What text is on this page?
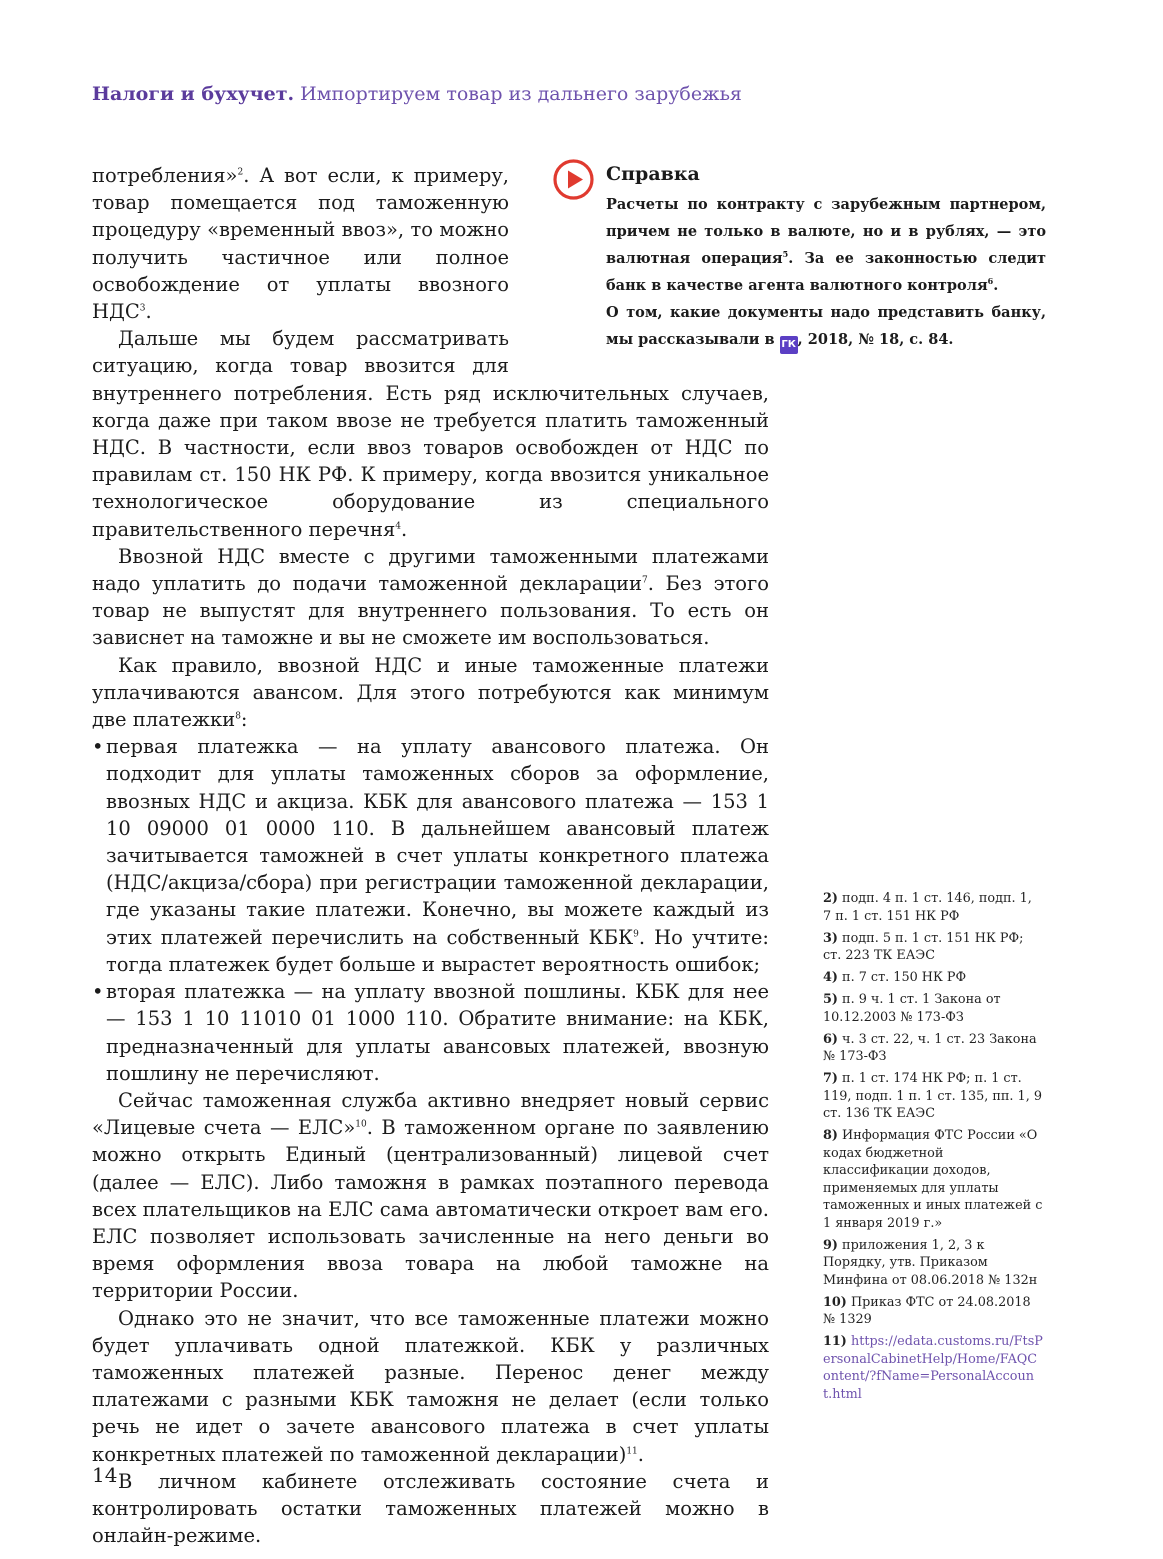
Налоги и бухучет. Импортируем товар из дальнего зарубежья

потребления»$^2$. А вот если, к примеру, товар помещается под таможенную процедуру «временный ввоз», то можно получить частичное или полное освобождение от уплаты ввозного НДС$^3$.

Дальше мы будем рассматривать ситуацию, когда товар ввозится для внутреннего потребления. Есть ряд исключительных случаев, когда даже при таком ввозе не требуется платить таможенный НДС. В частности, если ввоз товаров освобожден от НДС по правилам ст. 150 НК РФ. К примеру, когда ввозится уникальное технологическое оборудование из специального правительственного перечня$^4$.

Ввозной НДС вместе с другими таможенными платежами надо уплатить до подачи таможенной декларации$^7$. Без этого товар не выпустят для внутреннего пользования. То есть он зависнет на таможне и вы не сможете им воспользоваться.

Как правило, ввозной НДС и иные таможенные платежи уплачиваются авансом. Для этого потребуются как минимум две платежки$^8$:

• первая платежка — на уплату авансового платежа. Он подходит для уплаты таможенных сборов за оформление, ввозных НДС и акциза. КБК для авансового платежа — 153 1 10 09000 01 0000 110. В дальнейшем авансовый платеж зачитывается таможней в счет уплаты конкретного платежа (НДС/акциза/сбора) при регистрации таможенной декларации, где указаны такие платежи. Конечно, вы можете каждый из этих платежей перечислить на собственный КБК$^9$. Но учтите: тогда платежек будет больше и вырастет вероятность ошибок;
• вторая платежка — на уплату ввозной пошлины. КБК для нее — 153 1 10 11010 01 1000 110. Обратите внимание: на КБК, предназначенный для уплаты авансовых платежей, ввозную пошлину не перечисляют.

Сейчас таможенная служба активно внедряет новый сервис «Лицевые счета — ЕЛС»$^{10}$. В таможенном органе по заявлению можно открыть Единый (централизованный) лицевой счет (далее — ЕЛС). Либо таможня в рамках поэтапного перевода всех плательщиков на ЕЛС сама автоматически откроет вам его. ЕЛС позволяет использовать зачисленные на него деньги во время оформления ввоза товара на любой таможне на территории России.

Однако это не значит, что все таможенные платежи можно будет уплачивать одной платежкой. КБК у различных таможенных платежей разные. Перенос денег между платежами с разными КБК таможня не делает (если только речь не идет о зачете авансового платежа в счет уплаты конкретных платежей по таможенной декларации)$^{11}$.

В личном кабинете отслеживать состояние счета и контролировать остатки таможенных платежей можно в онлайн-режиме.

Справка

Расчеты по контракту с зарубежным партнером, причем не только в валюте, но и в рублях, — это валютная операция$^5$. За ее законностью следит банк в качестве агента валютного контроля$^6$.

О том, какие документы надо представить банку, мы рассказывали в ГК , 2018, № 18, с. 84.

2) подп. 4 п. 1 ст. 146, подп. 1, 7 п. 1 ст. 151 НК РФ
3) подп. 5 п. 1 ст. 151 НК РФ; ст. 223 ТК ЕАЭС
4) п. 7 ст. 150 НК РФ
5) п. 9 ч. 1 ст. 1 Закона от 10.12.2003 № 173-ФЗ
6) ч. 3 ст. 22, ч. 1 ст. 23 Закона № 173-ФЗ
7) п. 1 ст. 174 НК РФ; п. 1 ст. 119, подп. 1 п. 1 ст. 135, пп. 1, 9 ст. 136 ТК ЕАЭС
8) Информация ФТС России «О кодах бюджетной классификации доходов, применяемых для уплаты таможенных и иных платежей с 1 января 2019 г.»
9) приложения 1, 2, 3 к Порядку, утв. Приказом Минфина от 08.06.2018 № 132н
10) Приказ ФТС от 24.08.2018 № 1329
11) https://edata.customs.ru/FtsPersonalCabinetHelp/Home/FAQContent/?fName=PersonalAccount.html
14
